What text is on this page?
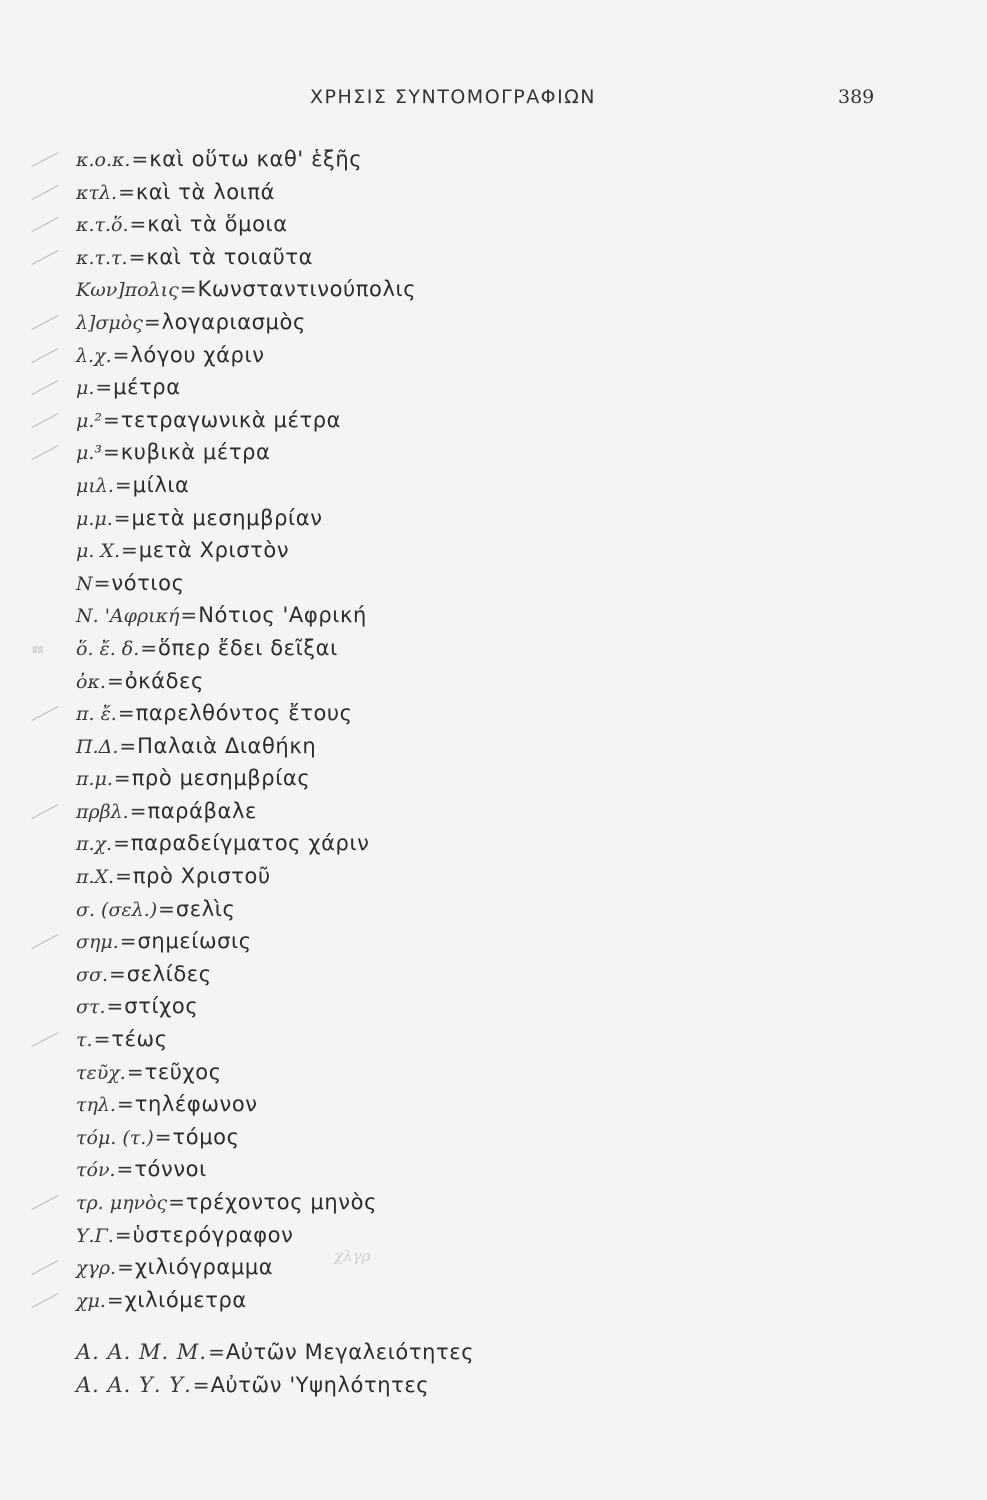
ΧΡΗΣΙΣ ΣΥΝΤΟΜΟΓΡΑΦΙΩΝ	389
ʬʬ
χλγρ
κ.ο.κ.=καὶ οὕτω καθ' ἑξῆς
κτλ.=καὶ τὰ λοιπά
κ.τ.ὅ.=καὶ τὰ ὅμοια
κ.τ.τ.=καὶ τὰ τοιαῦτα
Κων]πολις=Κωνσταντινούπολις
λ]σμὸς=λογαριασμὸς
λ.χ.=λόγου χάριν
μ.=μέτρα
μ.²=τετραγωνικὰ μέτρα
μ.³=κυβικὰ μέτρα
μιλ.=μίλια
μ.μ.=μετὰ μεσημβρίαν
μ. Χ.=μετὰ Χριστὸν
Ν=νότιος
Ν. 'Αφρική=Νότιος 'Αφρική
ὅ. ἔ. δ.=ὅπερ ἔδει δεῖξαι
ὀκ.=ὀκάδες
π. ἔ.=παρελθόντος ἔτους
Π.Δ.=Παλαιὰ Διαθήκη
π.μ.=πρὸ μεσημβρίας
πρβλ.=παράβαλε
π.χ.=παραδείγματος χάριν
π.Χ.=πρὸ Χριστοῦ
σ. (σελ.)=σελὶς
σημ.=σημείωσις
σσ.=σελίδες
στ.=στίχος
τ.=τέως
τεῦχ.=τεῦχος
τηλ.=τηλέφωνον
τόμ. (τ.)=τόμος
τόν.=τόννοι
τρ. μηνὸς=τρέχοντος μηνὸς
Υ.Γ.=ὑστερόγραφον
χγρ.=χιλιόγραμμα
χμ.=χιλιόμετρα
Α. Α. Μ. Μ.=Αὐτῶν Μεγαλειότητες
Α. Α. Υ. Υ.=Αὐτῶν 'Υψηλότητες
